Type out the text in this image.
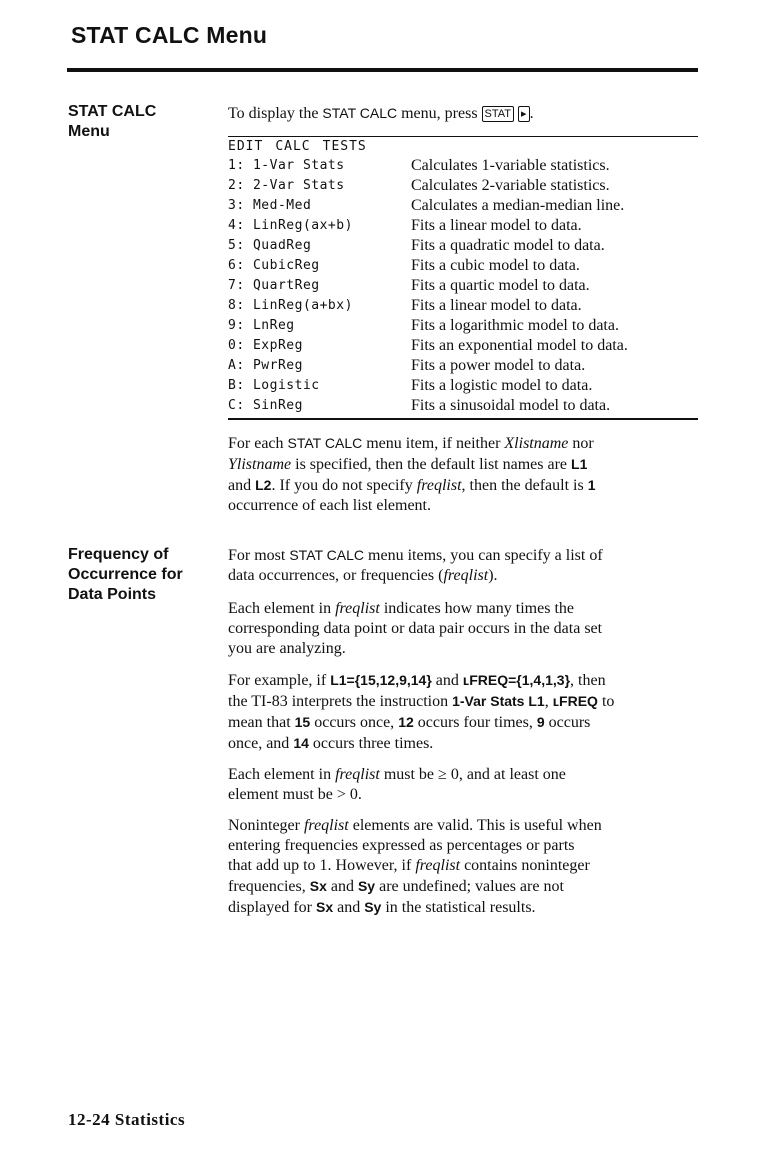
STAT CALC Menu
STAT CALC
Menu
To display the STAT CALC menu, press STAT ▸ .
EDIT CALC TESTS
1: 1-Var Stats	Calculates 1-variable statistics.
2: 2-Var Stats	Calculates 2-variable statistics.
3: Med-Med	Calculates a median-median line.
4: LinReg(ax+b)	Fits a linear model to data.
5: QuadReg	Fits a quadratic model to data.
6: CubicReg	Fits a cubic model to data.
7: QuartReg	Fits a quartic model to data.
8: LinReg(a+bx)	Fits a linear model to data.
9: LnReg	Fits a logarithmic model to data.
0: ExpReg	Fits an exponential model to data.
A: PwrReg	Fits a power model to data.
B: Logistic	Fits a logistic model to data.
C: SinReg	Fits a sinusoidal model to data.
For each STAT CALC menu item, if neither Xlistname nor
Ylistname is specified, then the default list names are L1
and L2. If you do not specify freqlist, then the default is 1
occurrence of each list element.
Frequency of
Occurrence for
Data Points

For most STAT CALC menu items, you can specify a list of
data occurrences, or frequencies (freqlist).

Each element in freqlist indicates how many times the
corresponding data point or data pair occurs in the data set
you are analyzing.

For example, if L1={15,12,9,14} and ʟFREQ={1,4,1,3}, then
the TI-83 interprets the instruction 1-Var Stats L1, ʟFREQ to
mean that 15 occurs once, 12 occurs four times, 9 occurs
once, and 14 occurs three times.

Each element in freqlist must be ≥ 0, and at least one
element must be > 0.

Noninteger freqlist elements are valid. This is useful when
entering frequencies expressed as percentages or parts
that add up to 1. However, if freqlist contains noninteger
frequencies, Sx and Sy are undefined; values are not
displayed for Sx and Sy in the statistical results.

12-24 Statistics
